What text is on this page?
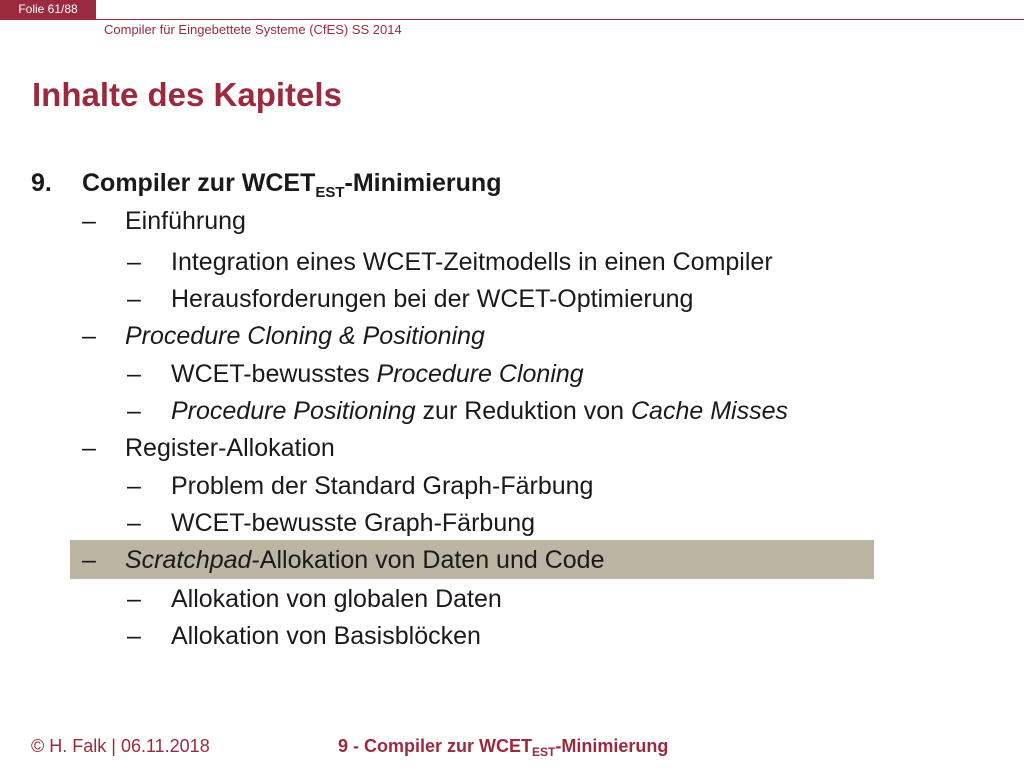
Folie 61/88
Compiler für Eingebettete Systeme (CfES) SS 2014
Inhalte des Kapitels
9. Compiler zur $WCET_{EST}$-Minimierung
– Einführung
– Integration eines WCET-Zeitmodells in einen Compiler
– Herausforderungen bei der WCET-Optimierung
– Procedure Cloning & Positioning
– WCET-bewusstes Procedure Cloning
– Procedure Positioning zur Reduktion von Cache Misses
– Register-Allokation
– Problem der Standard Graph-Färbung
– WCET-bewusste Graph-Färbung
– Scratchpad-Allokation von Daten und Code
– Allokation von globalen Daten
– Allokation von Basisblöcken
© H. Falk | 06.11.2018	9 - Compiler zur $WCET_{EST}$-Minimierung
